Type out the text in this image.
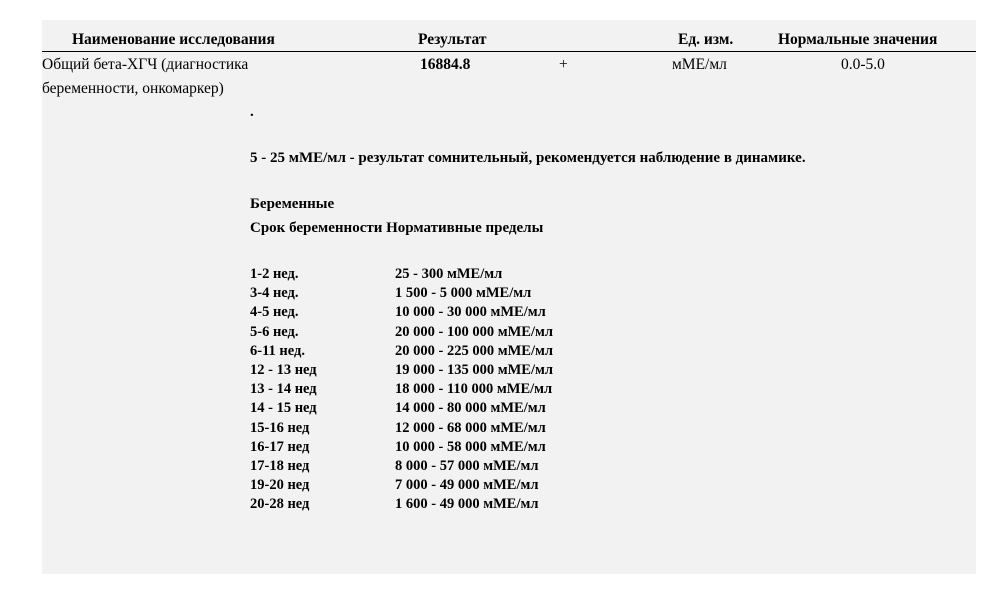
Наименование исследования	Результат	Ед. изм.	Нормальные значения
Общий бета-ХГЧ (диагностика
беременности, онкомаркер)
16884.8	+	мМЕ/мл	0.0-5.0
.
5 - 25 мМЕ/мл - результат сомнительный, рекомендуется наблюдение в динамике.
Беременные
Срок беременности Нормативные пределы
1-2 нед.	25 - 300 мМЕ/мл
3-4 нед.	1 500 - 5 000 мМЕ/мл
4-5 нед.	10 000 - 30 000 мМЕ/мл
5-6 нед.	20 000 - 100 000 мМЕ/мл
6-11 нед.	20 000 - 225 000 мМЕ/мл
12 - 13 нед	19 000 - 135 000 мМЕ/мл
13 - 14 нед	18 000 - 110 000 мМЕ/мл
14 - 15 нед	14 000 - 80 000 мМЕ/мл
15-16 нед	12 000 - 68 000 мМЕ/мл
16-17 нед	10 000 - 58 000 мМЕ/мл
17-18 нед	8 000 - 57 000 мМЕ/мл
19-20 нед	7 000 - 49 000 мМЕ/мл
20-28 нед	1 600 - 49 000 мМЕ/мл
